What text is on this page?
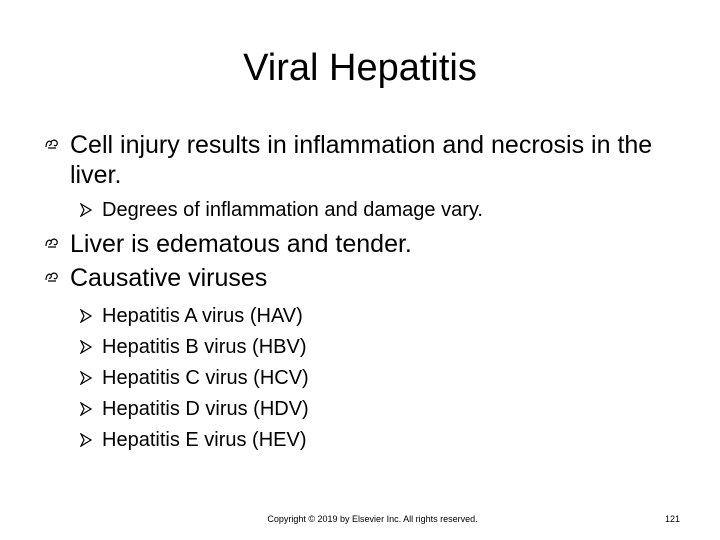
Viral Hepatitis
Cell injury results in inflammation and necrosis in the liver.
Degrees of inflammation and damage vary.
Liver is edematous and tender.
Causative viruses
Hepatitis A virus (HAV)
Hepatitis B virus (HBV)
Hepatitis C virus (HCV)
Hepatitis D virus (HDV)
Hepatitis E virus (HEV)
Copyright © 2019 by Elsevier Inc. All rights reserved.	121
